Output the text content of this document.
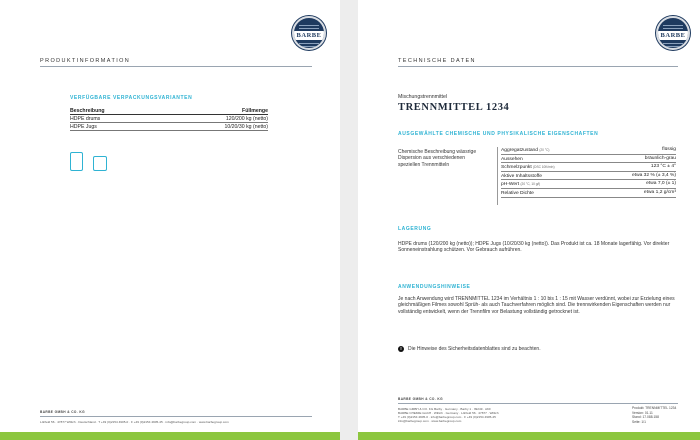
BARBE
PRODUKTINFORMATION
VERFÜGBARE VERPACKUNGSVARIANTEN
Beschreibung	Füllmenge
HDPE drums	120/200 kg (netto)
HDPE Jugs	10/20/30 kg (netto)
BARBE GMBH & CO. KG
Löhfeld 56 · 47877 Willich · Deutschland · T +49 (0)2154 4905-0 · F +49 (0)2154 4905-45 · info@barbegroup.com · www.barbegroup.com
BARBE
TECHNISCHE DATEN
Mischungstrennmittel
TRENNMITTEL 1234
AUSGEWÄHLTE CHEMISCHE UND PHYSIKALISCHE EIGENSCHAFTEN
Chemische Beschreibung wässrige Dispersion aus verschiedenen speziellen Trennmitteln
Aggregatzustand (20 °C)	flüssig
Aussehen	bräunlich-grau
Schmelzpunkt (DSC 10K/min)	123 °C ± 4°
Aktive Inhaltsstoffe	etwa 32 % (± 3,4 %)
pH-Wert (20 °C, 10 g/l)	etwa 7,0 (± 1)
Relative Dichte	etwa 1,2 g/cm³
LAGERUNG
HDPE drums (120/200 kg (netto)); HDPE Jugs (10/20/30 kg (netto)). Das Produkt ist ca. 18 Monate lagerfähig. Vor direkter Sonneneinstrahlung schützen. Vor Gebrauch aufrühren.
ANWENDUNGSHINWEISE
Je nach Anwendung wird TRENNMITTEL 1234 im Verhältnis 1 : 10 bis 1 : 15 mit Wasser verdünnt, wobei zur Erzielung eines gleichmäßigen Filmes sowohl Sprüh- als auch Tauchverfahren möglich sind. Die trennwirkenden Eigenschaften werden nur vollständig entwickelt, wenn der Trennfilm vor Belastung vollständig getrocknet ist.
!	Die Hinweise des Sicherheitsdatenblattes sind zu beachten.
BARBE GMBH & CO. KG
BARBE GMBH & CO. KG Barby · Germany · Barby 1 · 39249 · AKF
BARBE CHEMIE GmbH · Willich · Germany · Löhfeld 56 · 47877 · Willich
T +49 (0)2154 4905-0 · info@barbegroup.com · F +49 (0)2154 4905-45
info@barbegroup.com · www.barbegroup.com
Produkt: TRENNMITTEL 1234
Version: 01.11
Stand: 17.088.158
Seite: 1/1
